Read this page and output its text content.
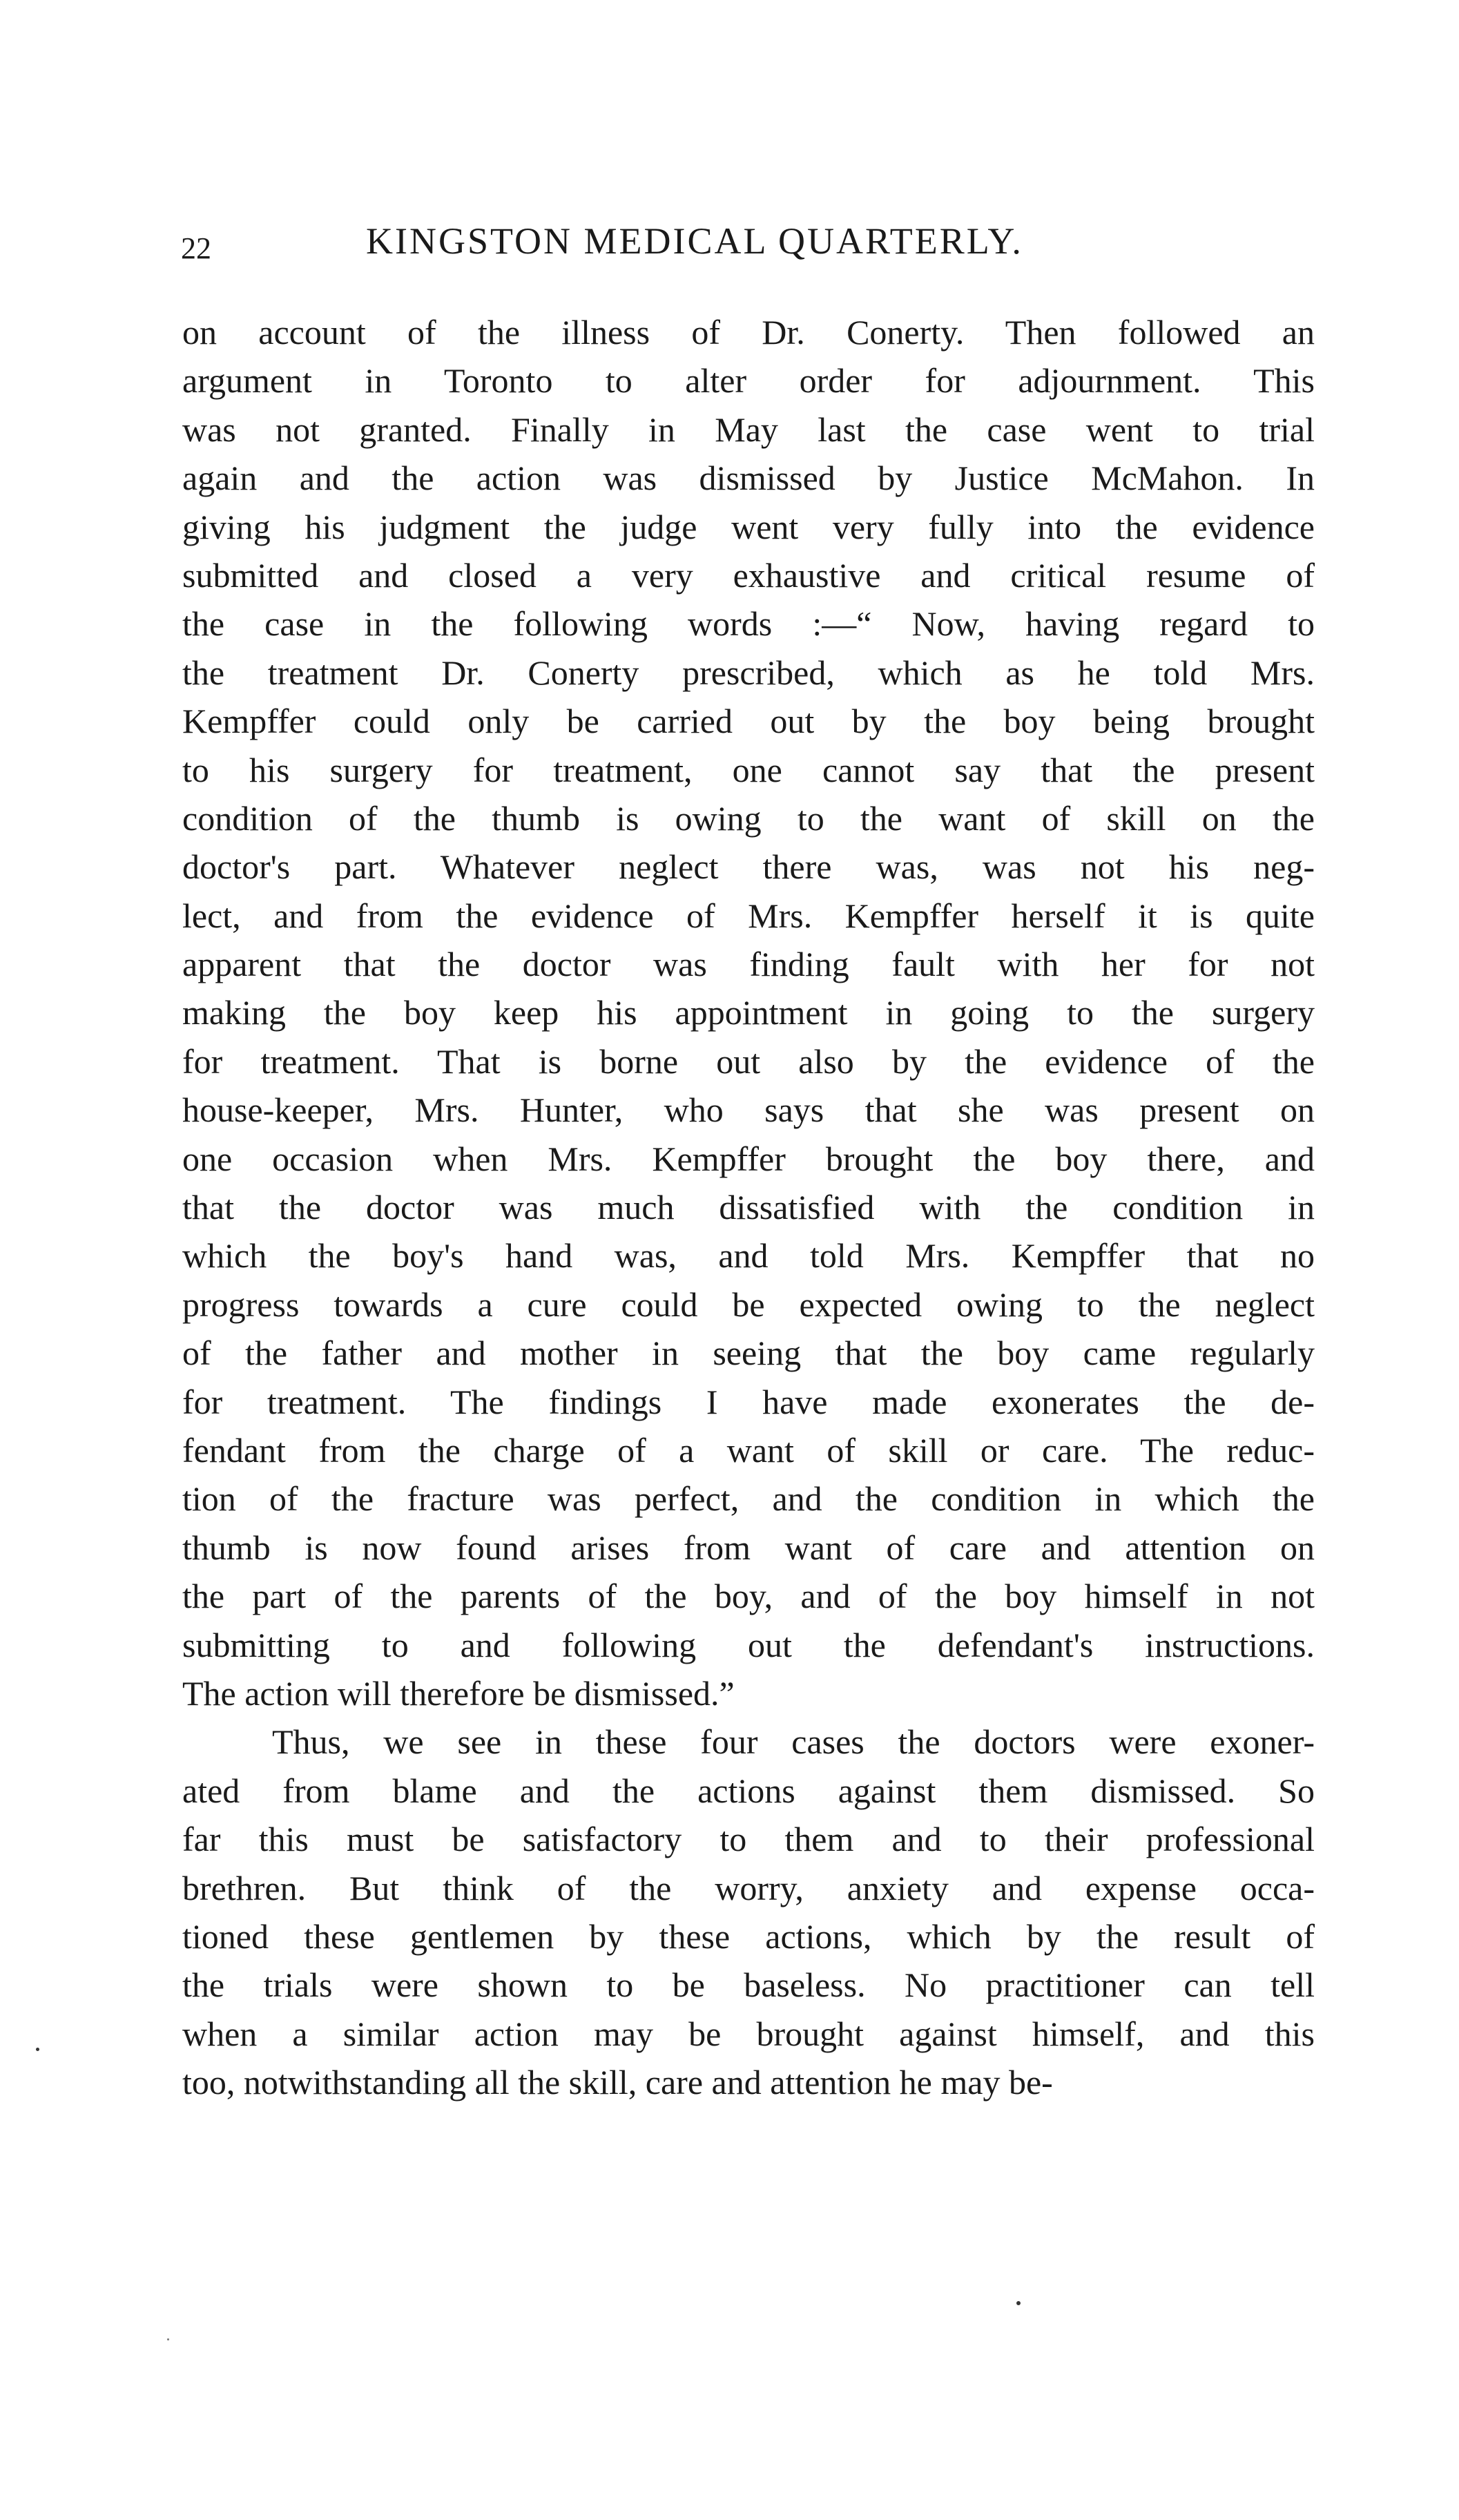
22	KINGSTON MEDICAL QUARTERLY.
on account of the illness of Dr. Conerty. Then followed an
argument in Toronto to alter order for adjournment. This
was not granted. Finally in May last the case went to trial
again and the action was dismissed by Justice McMahon. In
giving his judgment the judge went very fully into the evidence
submitted and closed a very exhaustive and critical resume of
the case in the following words :—“ Now, having regard to
the treatment Dr. Conerty prescribed, which as he told Mrs.
Kempffer could only be carried out by the boy being brought
to his surgery for treatment, one cannot say that the present
condition of the thumb is owing to the want of skill on the
doctor's part. Whatever neglect there was, was not his neg-
lect, and from the evidence of Mrs. Kempffer herself it is quite
apparent that the doctor was finding fault with her for not
making the boy keep his appointment in going to the surgery
for treatment. That is borne out also by the evidence of the
house-keeper, Mrs. Hunter, who says that she was present on
one occasion when Mrs. Kempffer brought the boy there, and
that the doctor was much dissatisfied with the condition in
which the boy's hand was, and told Mrs. Kempffer that no
progress towards a cure could be expected owing to the neglect
of the father and mother in seeing that the boy came regularly
for treatment. The findings I have made exonerates the de-
fendant from the charge of a want of skill or care. The reduc-
tion of the fracture was perfect, and the condition in which the
thumb is now found arises from want of care and attention on
the part of the parents of the boy, and of the boy himself in not
submitting to and following out the defendant's instructions.
The action will therefore be dismissed.”
Thus, we see in these four cases the doctors were exoner-
ated from blame and the actions against them dismissed. So
far this must be satisfactory to them and to their professional
brethren. But think of the worry, anxiety and expense occa-
tioned these gentlemen by these actions, which by the result of
the trials were shown to be baseless. No practitioner can tell
when a similar action may be brought against himself, and this
too, notwithstanding all the skill, care and attention he may be-
